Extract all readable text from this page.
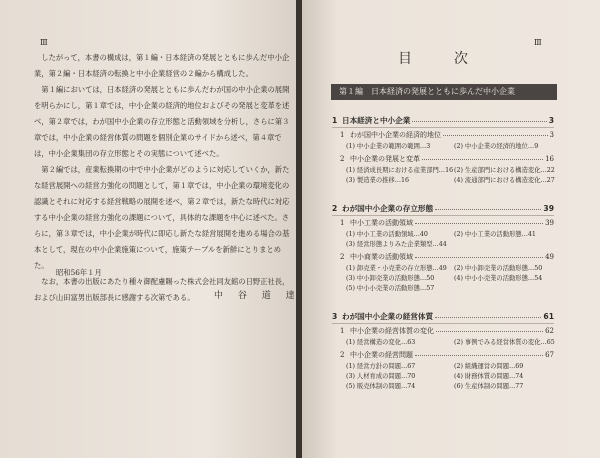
Ⅲ
　したがって，本書の構成は，第１編・日本経済の発展とともに歩んだ中小企
業，第２編・日本経済の転換と中小企業経営の２編から構成した。
　第１編においては，日本経済の発展とともに歩んだわが国の中小企業の展開
を明らかにし，第１章では，中小企業の経済的地位およびその発展と変革を述
べ，第２章では，わが国中小企業の存立形態と活動領域を分析し，さらに第３
章では，中小企業の経営体質の問題を個別企業のサイドから述べ，第４章で
は，中小企業集団の存立形態とその実態について述べた。
　第２編では，産業転換期の中で中小企業がどのように対応していくか，新た
な経営展開への経営力強化の問題として，第１章では，中小企業の環境変化の
認識とそれに対応する経営戦略の展開を述べ，第２章では，新たな時代に対応
する中小企業の経営力強化の課題について，具体的な課題を中心に述べた。さ
らに，第３章では，中小企業が時代に即応し新たな経営展開を進める場合の基
本として，現在の中小企業施策について，施策テーブルを新鮮にとりまとめ
た。
　なお，本書の出版にあたり種々御配慮賜った株式会社同友館の日野正社長，
および山田富男出版部長に感謝する次第である。
昭和56年１月
中 谷 道 達
Ⅲ
目　次
第１編　日本経済の発展とともに歩んだ中小企業
1 日本経済と中小企業	3
1 わが国中小企業の経済的地位	3
(1) 中小企業の範囲の範囲…3	(2) 中小企業の経済的地位…9
2 中小企業の発展と変革	16
(1) 経済成長期における産業部門…16 (2) 生産部門における構造変化…22
(3) 製造業の推移…16	(4) 流通部門における構造変化…27
2 わが国中小企業の存立形態	39
1 中小工業の活動領域	39
(1) 中小工業の活動領域…40	(2) 中小工業の活動形態…41
(3) 経営形態よりみた企業類型…44
2 中小商業の活動領域	49
(1) 卸売業・小売業の存立形態…49 (2) 中小卸売業の活動形態…50
(3) 中小卸売業の活動形態…50	(4) 中小小売業の活動形態…54
(5) 中小小売業の活動形態…57
3 わが国中小企業の経営体質	61
1 中小企業の経営体質の変化	62
(1) 経営構造の変化…63	(2) 事例でみる経営体質の変化…65
2 中小企業の経営問題	67
(1) 経営方針の問題…67	(2) 組織運営の問題…69
(3) 人材育成の問題…70	(4) 財務体質の問題…74
(5) 販売体制の問題…74	(6) 生産体制の問題…77
